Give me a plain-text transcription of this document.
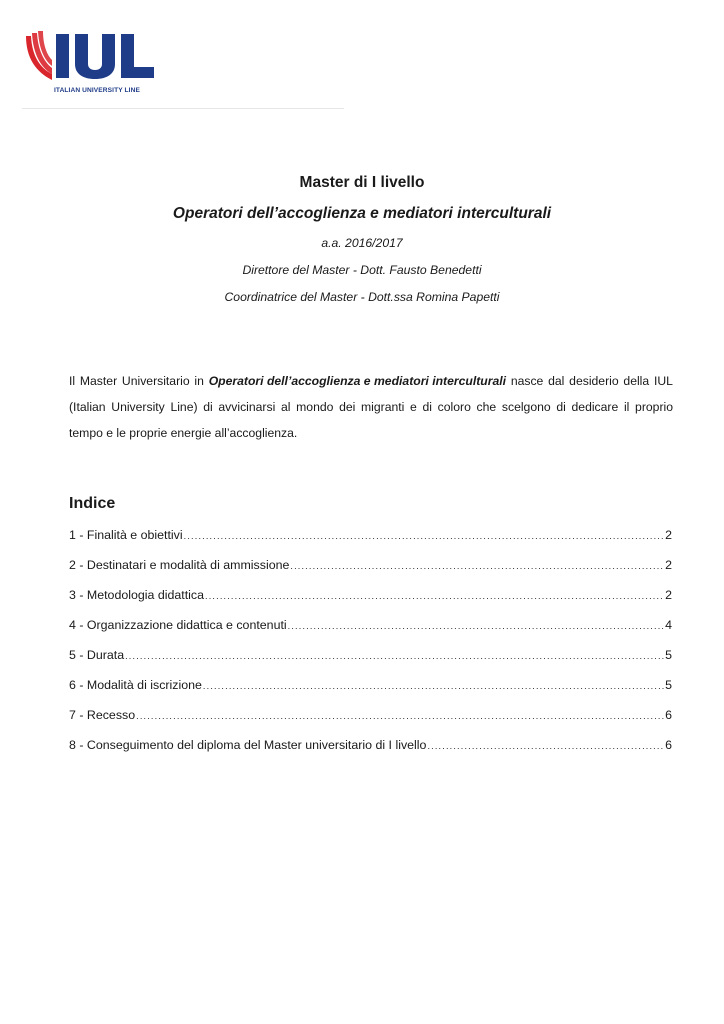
ITALIAN UNIVERSITY LINE
Master di I livello
Operatori dell’accoglienza e mediatori interculturali
a.a. 2016/2017
Direttore del Master - Dott. Fausto Benedetti
Coordinatrice del Master - Dott.ssa Romina Papetti
Il Master Universitario in Operatori dell’accoglienza e mediatori interculturali nasce dal desiderio della IUL
(Italian University Line) di avvicinarsi al mondo dei migranti e di coloro che scelgono di dedicare il proprio
tempo e le proprie energie all’accoglienza.
Indice
1 - Finalità e obiettivi .....	2
2 - Destinatari e modalità di ammissione .....	2
3 - Metodologia didattica .....	2
4 - Organizzazione didattica e contenuti .....	4
5 - Durata .....	5
6 - Modalità di iscrizione .....	5
7 - Recesso .....	6
8 - Conseguimento del diploma del Master universitario di I livello .....	6
